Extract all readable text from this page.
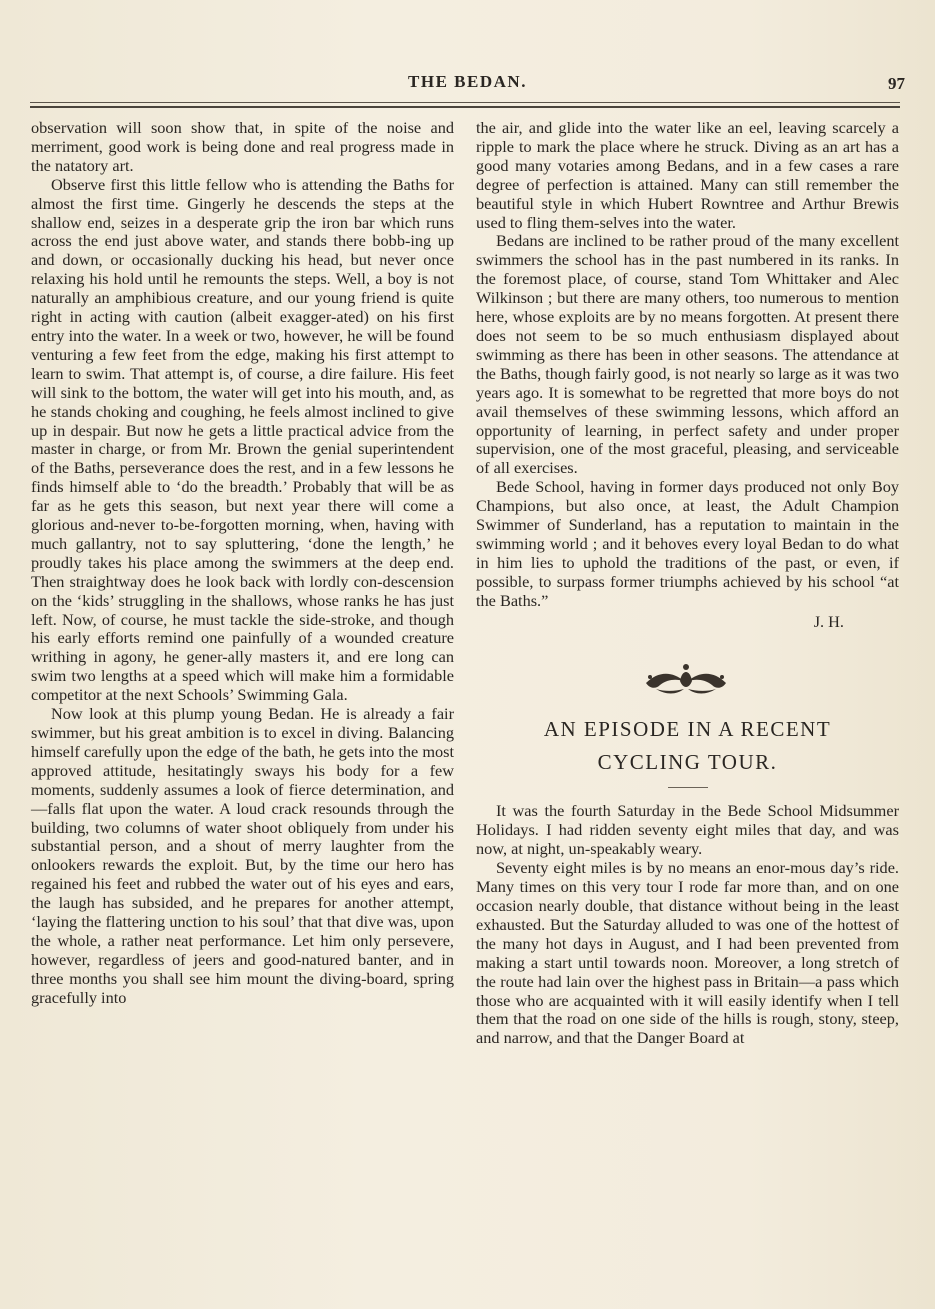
THE BEDAN.	97

observation will soon show that, in spite of the noise and merriment, good work is being done and real progress made in the natatory art.

Observe first this little fellow who is attending the Baths for almost the first time. Gingerly he descends the steps at the shallow end, seizes in a desperate grip the iron bar which runs across the end just above water, and stands there bobb-ing up and down, or occasionally ducking his head, but never once relaxing his hold until he remounts the steps. Well, a boy is not naturally an amphibious creature, and our young friend is quite right in acting with caution (albeit exagger-ated) on his first entry into the water. In a week or two, however, he will be found venturing a few feet from the edge, making his first attempt to learn to swim. That attempt is, of course, a dire failure. His feet will sink to the bottom, the water will get into his mouth, and, as he stands choking and coughing, he feels almost inclined to give up in despair. But now he gets a little practical advice from the master in charge, or from Mr. Brown the genial superintendent of the Baths, perseverance does the rest, and in a few lessons he finds himself able to ‘do the breadth.’ Probably that will be as far as he gets this season, but next year there will come a glorious and-never to-be-forgotten morning, when, having with much gallantry, not to say spluttering, ‘done the length,’ he proudly takes his place among the swimmers at the deep end. Then straightway does he look back with lordly con-descension on the ‘kids’ struggling in the shallows, whose ranks he has just left. Now, of course, he must tackle the side-stroke, and though his early efforts remind one painfully of a wounded creature writhing in agony, he gener-ally masters it, and ere long can swim two lengths at a speed which will make him a formidable competitor at the next Schools’ Swimming Gala.

Now look at this plump young Bedan. He is already a fair swimmer, but his great ambition is to excel in diving. Balancing himself carefully upon the edge of the bath, he gets into the most approved attitude, hesitatingly sways his body for a few moments, suddenly assumes a look of fierce determination, and—falls flat upon the water. A loud crack resounds through the building, two columns of water shoot obliquely from under his substantial person, and a shout of merry laughter from the onlookers rewards the exploit. But, by the time our hero has regained his feet and rubbed the water out of his eyes and ears, the laugh has subsided, and he prepares for another attempt, ‘laying the flattering unction to his soul’ that that dive was, upon the whole, a rather neat performance. Let him only persevere, however, regardless of jeers and good-natured banter, and in three months you shall see him mount the diving-board, spring gracefully into

the air, and glide into the water like an eel, leaving scarcely a ripple to mark the place where he struck. Diving as an art has a good many votaries among Bedans, and in a few cases a rare degree of perfection is attained. Many can still remember the beautiful style in which Hubert Rowntree and Arthur Brewis used to fling them-selves into the water.

Bedans are inclined to be rather proud of the many excellent swimmers the school has in the past numbered in its ranks. In the foremost place, of course, stand Tom Whittaker and Alec Wilkinson ; but there are many others, too numerous to mention here, whose exploits are by no means forgotten. At present there does not seem to be so much enthusiasm displayed about swimming as there has been in other seasons. The attendance at the Baths, though fairly good, is not nearly so large as it was two years ago. It is somewhat to be regretted that more boys do not avail themselves of these swimming lessons, which afford an opportunity of learning, in perfect safety and under proper supervision, one of the most graceful, pleasing, and serviceable of all exercises.

Bede School, having in former days produced not only Boy Champions, but also once, at least, the Adult Champion Swimmer of Sunderland, has a reputation to maintain in the swimming world ; and it behoves every loyal Bedan to do what in him lies to uphold the traditions of the past, or even, if possible, to surpass former triumphs achieved by his school “at the Baths.”

J. H.
AN EPISODE IN A RECENT
CYCLING TOUR.

It was the fourth Saturday in the Bede School Midsummer Holidays. I had ridden seventy eight miles that day, and was now, at night, un-speakably weary.

Seventy eight miles is by no means an enor-mous day’s ride. Many times on this very tour I rode far more than, and on one occasion nearly double, that distance without being in the least exhausted. But the Saturday alluded to was one of the hottest of the many hot days in August, and I had been prevented from making a start until towards noon. Moreover, a long stretch of the route had lain over the highest pass in Britain—a pass which those who are acquainted with it will easily identify when I tell them that the road on one side of the hills is rough, stony, steep, and narrow, and that the Danger Board at
